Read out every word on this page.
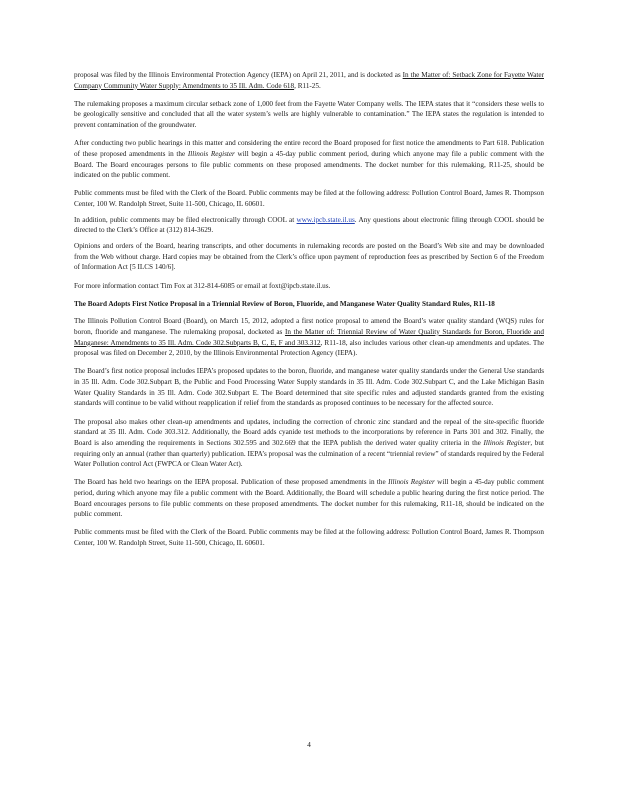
proposal was filed by the Illinois Environmental Protection Agency (IEPA) on April 21, 2011, and is docketed as In the Matter of: Setback Zone for Fayette Water Company Community Water Supply: Amendments to 35 Ill. Adm. Code 618, R11-25.

The rulemaking proposes a maximum circular setback zone of 1,000 feet from the Fayette Water Company wells. The IEPA states that it “considers these wells to be geologically sensitive and concluded that all the water system’s wells are highly vulnerable to contamination.” The IEPA states the regulation is intended to prevent contamination of the groundwater.

After conducting two public hearings in this matter and considering the entire record the Board proposed for first notice the amendments to Part 618. Publication of these proposed amendments in the Illinois Register will begin a 45-day public comment period, during which anyone may file a public comment with the Board. The Board encourages persons to file public comments on these proposed amendments. The docket number for this rulemaking, R11-25, should be indicated on the public comment.

Public comments must be filed with the Clerk of the Board. Public comments may be filed at the following address: Pollution Control Board, James R. Thompson Center, 100 W. Randolph Street, Suite 11-500, Chicago, IL 60601.

In addition, public comments may be filed electronically through COOL at www.ipcb.state.il.us. Any questions about electronic filing through COOL should be directed to the Clerk’s Office at (312) 814-3629.

Opinions and orders of the Board, hearing transcripts, and other documents in rulemaking records are posted on the Board’s Web site and may be downloaded from the Web without charge. Hard copies may be obtained from the Clerk’s office upon payment of reproduction fees as prescribed by Section 6 of the Freedom of Information Act [5 ILCS 140/6].

For more information contact Tim Fox at 312-814-6085 or email at foxt@ipcb.state.il.us.

The Board Adopts First Notice Proposal in a Triennial Review of Boron, Fluoride, and Manganese Water Quality Standard Rules, R11-18

The Illinois Pollution Control Board (Board), on March 15, 2012, adopted a first notice proposal to amend the Board’s water quality standard (WQS) rules for boron, fluoride and manganese. The rulemaking proposal, docketed as In the Matter of: Triennial Review of Water Quality Standards for Boron, Fluoride and Manganese: Amendments to 35 Ill. Adm. Code 302.Subparts B, C, E, F and 303.312, R11-18, also includes various other clean-up amendments and updates. The proposal was filed on December 2, 2010, by the Illinois Environmental Protection Agency (IEPA).

The Board’s first notice proposal includes IEPA’s proposed updates to the boron, fluoride, and manganese water quality standards under the General Use standards in 35 Ill. Adm. Code 302.Subpart B, the Public and Food Processing Water Supply standards in 35 Ill. Adm. Code 302.Subpart C, and the Lake Michigan Basin Water Quality Standards in 35 Ill. Adm. Code 302.Subpart E. The Board determined that site specific rules and adjusted standards granted from the existing standards will continue to be valid without reapplication if relief from the standards as proposed continues to be necessary for the affected source.

The proposal also makes other clean-up amendments and updates, including the correction of chronic zinc standard and the repeal of the site-specific fluoride standard at 35 Ill. Adm. Code 303.312. Additionally, the Board adds cyanide test methods to the incorporations by reference in Parts 301 and 302. Finally, the Board is also amending the requirements in Sections 302.595 and 302.669 that the IEPA publish the derived water quality criteria in the Illinois Register, but requiring only an annual (rather than quarterly) publication. IEPA’s proposal was the culmination of a recent “triennial review” of standards required by the Federal Water Pollution control Act (FWPCA or Clean Water Act).

The Board has held two hearings on the IEPA proposal. Publication of these proposed amendments in the Illinois Register will begin a 45-day public comment period, during which anyone may file a public comment with the Board. Additionally, the Board will schedule a public hearing during the first notice period. The Board encourages persons to file public comments on these proposed amendments. The docket number for this rulemaking, R11-18, should be indicated on the public comment.

Public comments must be filed with the Clerk of the Board. Public comments may be filed at the following address: Pollution Control Board, James R. Thompson Center, 100 W. Randolph Street, Suite 11-500, Chicago, IL 60601.

4
